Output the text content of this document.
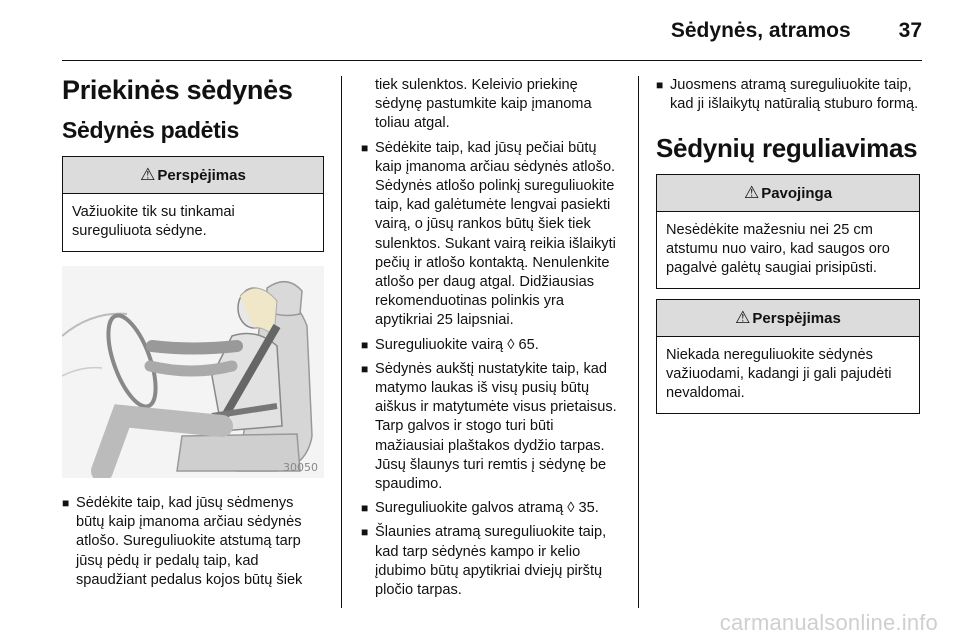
Sėdynės, atramos 37
Priekinės sėdynės
Sėdynės padėtis
⚠ Perspėjimas
Važiuokite tik su tinkamai sureguliuota sėdyne.
30050
■ Sėdėkite taip, kad jūsų sėdmenys būtų kaip įmanoma arčiau sėdynės atlošo. Sureguliuokite atstumą tarp jūsų pėdų ir pedalų taip, kad spaudžiant pedalus kojos būtų šiek

tiek sulenktos. Keleivio priekinę sėdynę pastumkite kaip įmanoma toliau atgal.

■ Sėdėkite taip, kad jūsų pečiai būtų kaip įmanoma arčiau sėdynės atlošo. Sėdynės atlošo polinkį sureguliuokite taip, kad galėtumėte lengvai pasiekti vairą, o jūsų rankos būtų šiek tiek sulenktos. Sukant vairą reikia išlaikyti pečių ir atlošo kontaktą. Nenulenkite atlošo per daug atgal. Didžiausias rekomenduotinas polinkis yra apytikriai 25 laipsniai.
■ Sureguliuokite vairą ◊ 65.
■ Sėdynės aukštį nustatykite taip, kad matymo laukas iš visų pusių būtų aiškus ir matytumėte visus prietaisus. Tarp galvos ir stogo turi būti mažiausiai plaštakos dydžio tarpas. Jūsų šlaunys turi remtis į sėdynę be spaudimo.
■ Sureguliuokite galvos atramą ◊ 35.
■ Šlaunies atramą sureguliuokite taip, kad tarp sėdynės kampo ir kelio įdubimo būtų apytikriai dviejų pirštų pločio tarpas.
■ Juosmens atramą sureguliuokite taip, kad ji išlaikytų natūralią stuburo formą.
Sėdynių reguliavimas
⚠ Pavojinga
Nesėdėkite mažesniu nei 25 cm atstumu nuo vairo, kad saugos oro pagalvė galėtų saugiai prisipūsti.
⚠ Perspėjimas
Niekada nereguliuokite sėdynės važiuodami, kadangi ji gali pajudėti nevaldomai.
carmanualsonline.info
